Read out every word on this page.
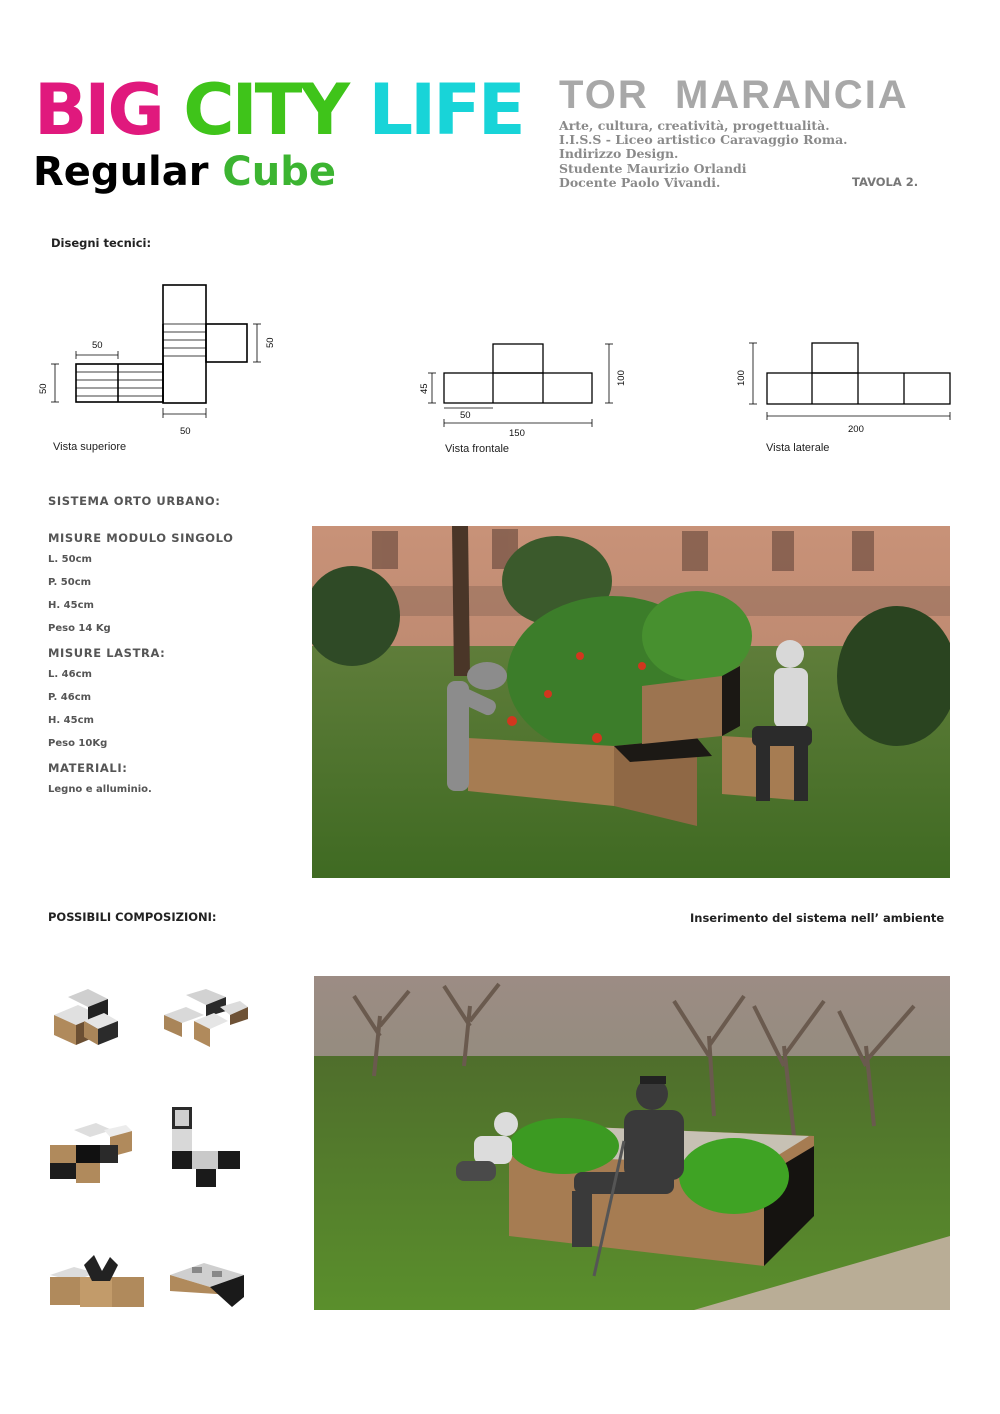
BIG CITY LIFE
Regular Cube
TOR  MARANCIA
Arte, cultura, creatività, progettualità.
I.I.S.S - Liceo artistico Caravaggio Roma.
Indirizzo Design.
Studente Maurizio Orlandi
Docente Paolo Vivandi.	TAVOLA 2.
Disegni tecnici:
50
50
50
50
Vista superiore
45
100
50
150
Vista frontale
100
200
Vista laterale
SISTEMA ORTO URBANO:
MISURE MODULO SINGOLO
L. 50cm
P. 50cm
H. 45cm
Peso 14 Kg
MISURE LASTRA:
L. 46cm
P. 46cm
H. 45cm
Peso 10Kg
MATERIALI:
Legno e alluminio.
POSSIBILI COMPOSIZIONI:	Inserimento del sistema nell’ ambiente
